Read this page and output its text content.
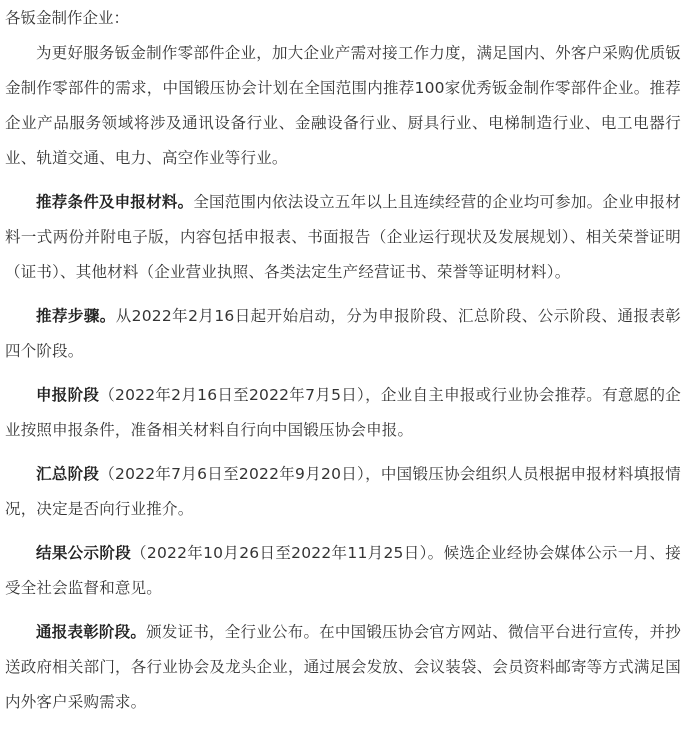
各钣金制作企业：

为更好服务钣金制作零部件企业，加大企业产需对接工作力度，满足国内、外客户采购优质钣金制作零部件的需求，中国锻压协会计划在全国范围内推荐100家优秀钣金制作零部件企业。推荐企业产品服务领域将涉及通讯设备行业、金融设备行业、厨具行业、电梯制造行业、电工电器行业、轨道交通、电力、高空作业等行业。

推荐条件及申报材料。全国范围内依法设立五年以上且连续经营的企业均可参加。企业申报材料一式两份并附电子版，内容包括申报表、书面报告（企业运行现状及发展规划）、相关荣誉证明（证书）、其他材料（企业营业执照、各类法定生产经营证书、荣誉等证明材料）。

推荐步骤。从2022年2月16日起开始启动，分为申报阶段、汇总阶段、公示阶段、通报表彰四个阶段。

申报阶段（2022年2月16日至2022年7月5日），企业自主申报或行业协会推荐。有意愿的企业按照申报条件，准备相关材料自行向中国锻压协会申报。

汇总阶段（2022年7月6日至2022年9月20日），中国锻压协会组织人员根据申报材料填报情况，决定是否向行业推介。

结果公示阶段（2022年10月26日至2022年11月25日）。候选企业经协会媒体公示一月、接受全社会监督和意见。

通报表彰阶段。颁发证书，全行业公布。在中国锻压协会官方网站、微信平台进行宣传，并抄送政府相关部门，各行业协会及龙头企业，通过展会发放、会议装袋、会员资料邮寄等方式满足国内外客户采购需求。
